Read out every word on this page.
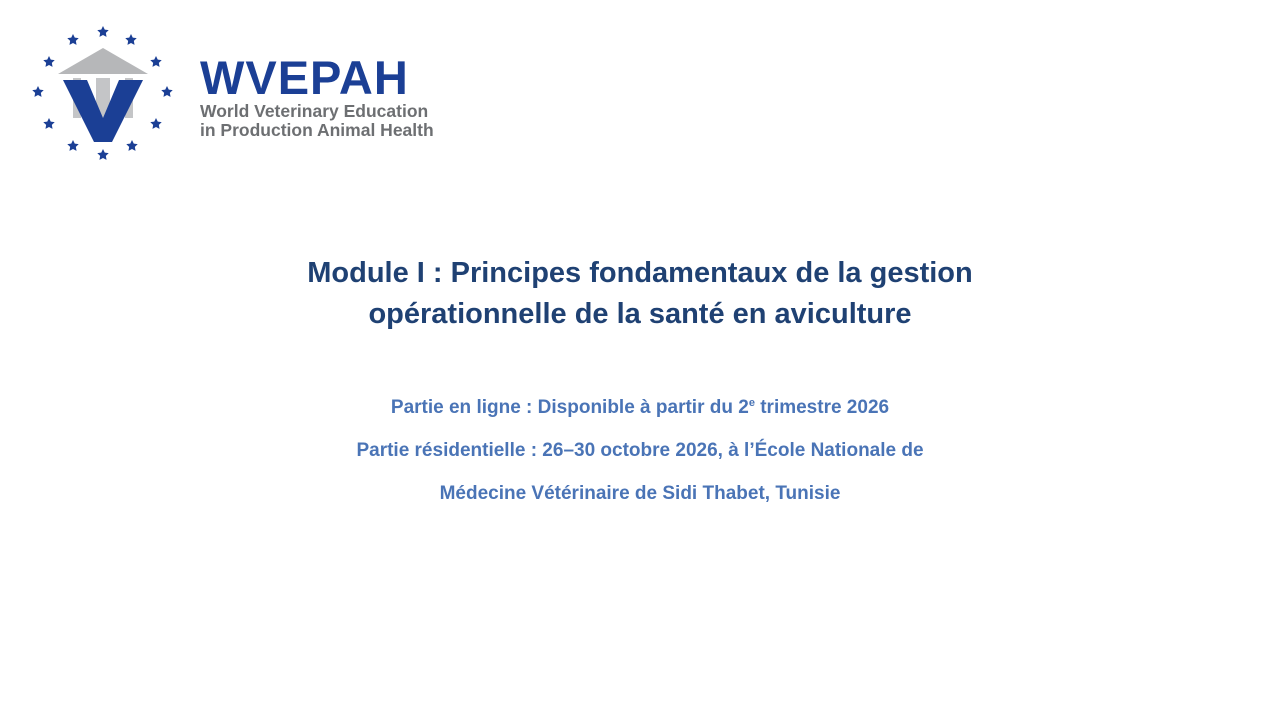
WVEPAH
World Veterinary Education
in Production Animal Health
Module I : Principes fondamentaux de la gestion
opérationnelle de la santé en aviculture

Partie en ligne : Disponible à partir du 2e trimestre 2026

Partie résidentielle : 26–30 octobre 2026, à l’École Nationale de

Médecine Vétérinaire de Sidi Thabet, Tunisie
